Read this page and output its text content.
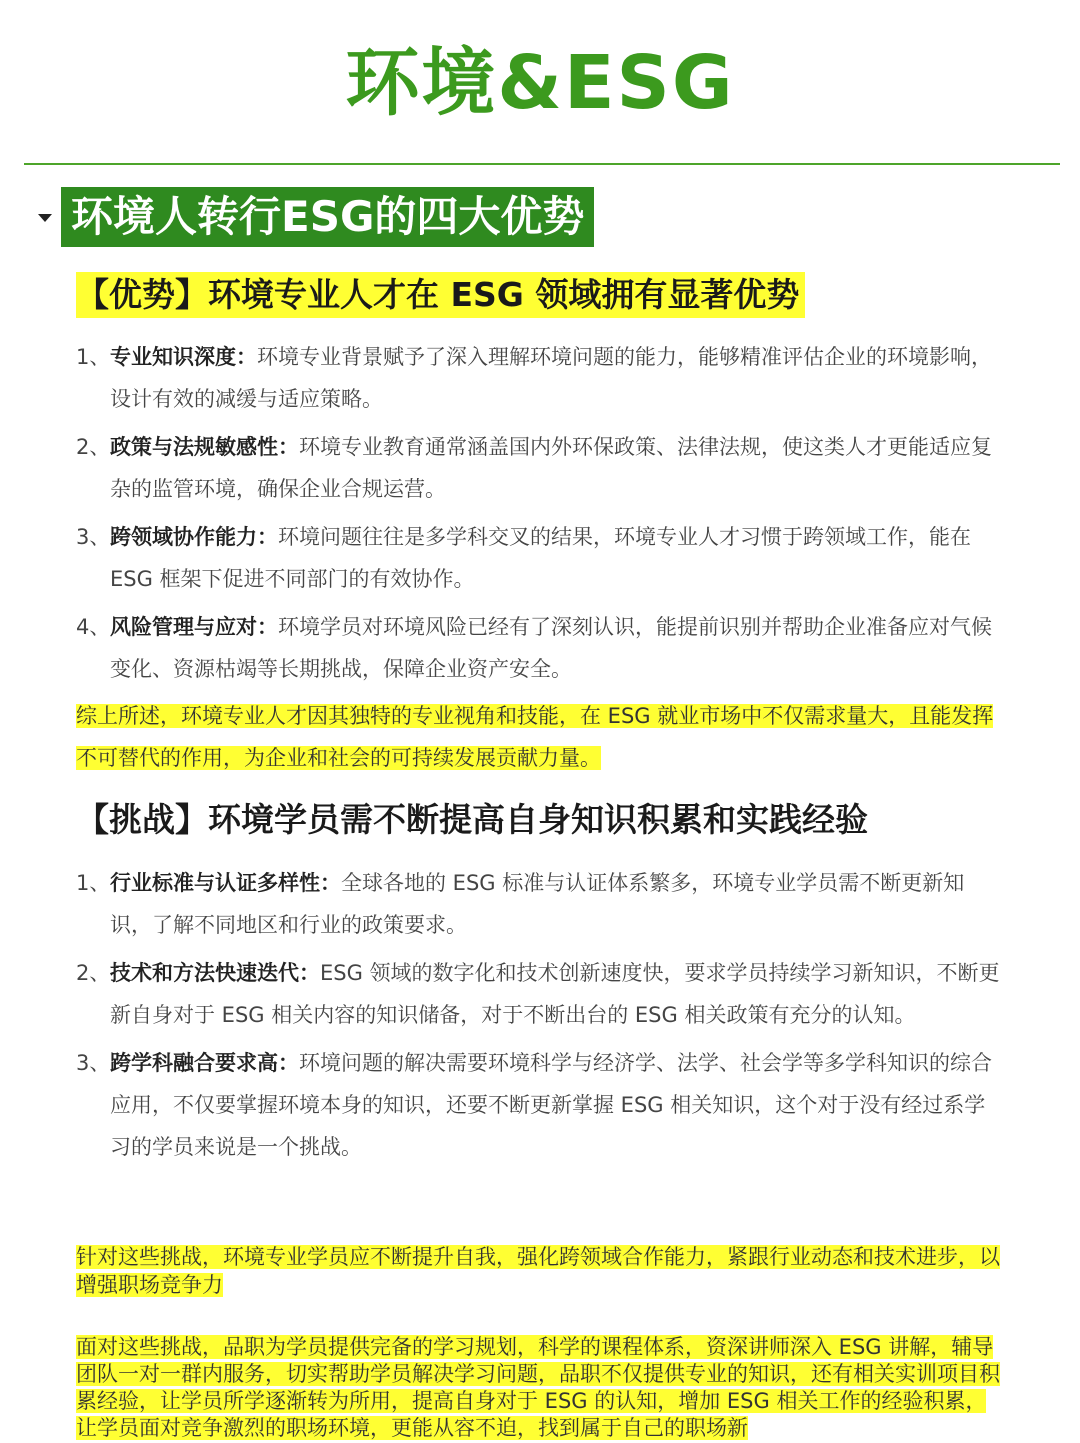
环境&ESG
环境人转行ESG的四大优势
【优势】环境专业人才在 ESG 领域拥有显著优势
1、 专业知识深度：环境专业背景赋予了深入理解环境问题的能力，能够精准评估企业的环境影响，设计有效的减缓与适应策略。
2、 政策与法规敏感性：环境专业教育通常涵盖国内外环保政策、法律法规，使这类人才更能适应复杂的监管环境，确保企业合规运营。
3、 跨领域协作能力：环境问题往往是多学科交叉的结果，环境专业人才习惯于跨领域工作，能在 ESG 框架下促进不同部门的有效协作。
4、 风险管理与应对：环境学员对环境风险已经有了深刻认识，能提前识别并帮助企业准备应对气候变化、资源枯竭等长期挑战，保障企业资产安全。

综上所述，环境专业人才因其独特的专业视角和技能，在 ESG 就业市场中不仅需求量大，且能发挥不可替代的作用，为企业和社会的可持续发展贡献力量。

【挑战】环境学员需不断提高自身知识积累和实践经验
1、 行业标准与认证多样性：全球各地的 ESG 标准与认证体系繁多，环境专业学员需不断更新知识，了解不同地区和行业的政策要求。
2、 技术和方法快速迭代：ESG 领域的数字化和技术创新速度快，要求学员持续学习新知识，不断更新自身对于 ESG 相关内容的知识储备，对于不断出台的 ESG 相关政策有充分的认知。
3、 跨学科融合要求高：环境问题的解决需要环境科学与经济学、法学、社会学等多学科知识的综合应用，不仅要掌握环境本身的知识，还要不断更新掌握 ESG 相关知识，这个对于没有经过系学习的学员来说是一个挑战。

针对这些挑战，环境专业学员应不断提升自我，强化跨领域合作能力，紧跟行业动态和技术进步，以增强职场竞争力

面对这些挑战，品职为学员提供完备的学习规划，科学的课程体系，资深讲师深入 ESG 讲解，辅导团队一对一群内服务，切实帮助学员解决学习问题，品职不仅提供专业的知识，还有相关实训项目积累经验，让学员所学逐渐转为所用，提高自身对于 ESG 的认知，增加 ESG 相关工作的经验积累，让学员面对竞争激烈的职场环境，更能从容不迫，找到属于自己的职场新
